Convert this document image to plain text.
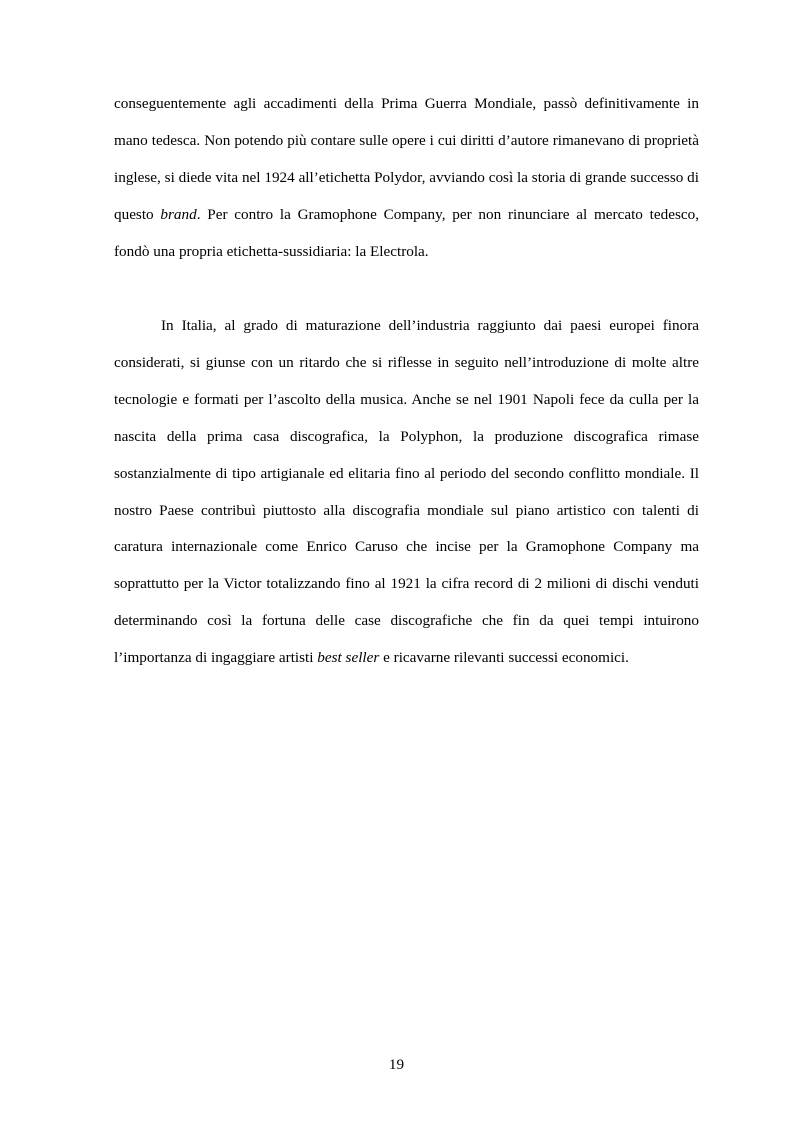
conseguentemente agli accadimenti della Prima Guerra Mondiale, passò definitivamente in mano tedesca. Non potendo più contare sulle opere i cui diritti d’autore rimanevano di proprietà inglese, si diede vita nel 1924 all’etichetta Polydor, avviando così la storia di grande successo di questo brand. Per contro la Gramophone Company, per non rinunciare al mercato tedesco, fondò una propria etichetta-sussidiaria: la Electrola.

In Italia, al grado di maturazione dell’industria raggiunto dai paesi europei finora considerati, si giunse con un ritardo che si riflesse in seguito nell’introduzione di molte altre tecnologie e formati per l’ascolto della musica. Anche se nel 1901 Napoli fece da culla per la nascita della prima casa discografica, la Polyphon, la produzione discografica rimase sostanzialmente di tipo artigianale ed elitaria fino al periodo del secondo conflitto mondiale. Il nostro Paese contribuì piuttosto alla discografia mondiale sul piano artistico con talenti di caratura internazionale come Enrico Caruso che incise per la Gramophone Company ma soprattutto per la Victor totalizzando fino al 1921 la cifra record di 2 milioni di dischi venduti determinando così la fortuna delle case discografiche che fin da quei tempi intuirono l’importanza di ingaggiare artisti best seller e ricavarne rilevanti successi economici.

19
